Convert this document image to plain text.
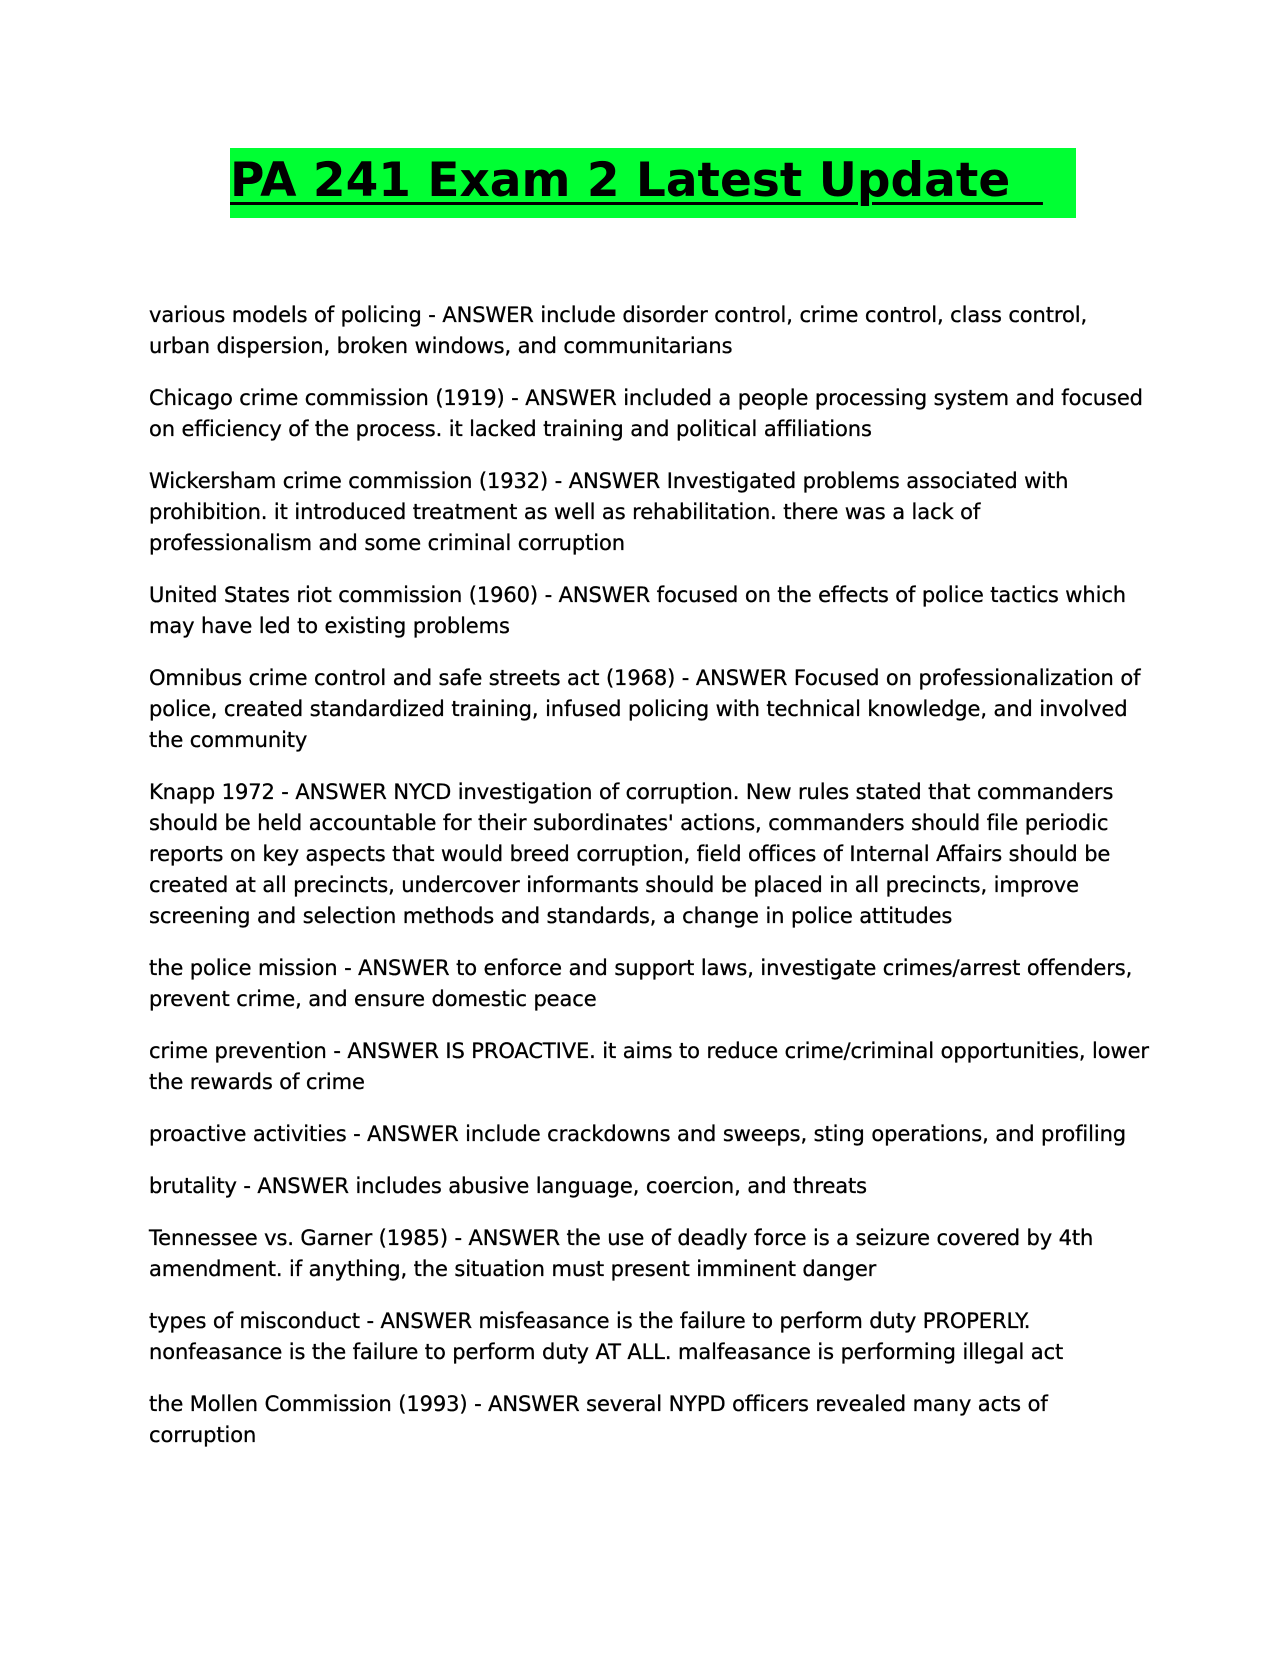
PA 241 Exam 2 Latest Update
various models of policing - ANSWER include disorder control, crime control, class control, urban dispersion, broken windows, and communitarians
Chicago crime commission (1919) - ANSWER included a people processing system and focused on efficiency of the process. it lacked training and political affiliations
Wickersham crime commission (1932) - ANSWER Investigated problems associated with prohibition. it introduced treatment as well as rehabilitation. there was a lack of professionalism and some criminal corruption
United States riot commission (1960) - ANSWER focused on the effects of police tactics which may have led to existing problems
Omnibus crime control and safe streets act (1968) - ANSWER Focused on professionalization of police, created standardized training, infused policing with technical knowledge, and involved the community
Knapp 1972 - ANSWER NYCD investigation of corruption. New rules stated that commanders should be held accountable for their subordinates' actions, commanders should file periodic reports on key aspects that would breed corruption, field offices of Internal Affairs should be created at all precincts, undercover informants should be placed in all precincts, improve screening and selection methods and standards, a change in police attitudes
the police mission - ANSWER to enforce and support laws, investigate crimes/arrest offenders, prevent crime, and ensure domestic peace
crime prevention - ANSWER IS PROACTIVE. it aims to reduce crime/criminal opportunities, lower the rewards of crime
proactive activities - ANSWER include crackdowns and sweeps, sting operations, and profiling
brutality - ANSWER includes abusive language, coercion, and threats
Tennessee vs. Garner (1985) - ANSWER the use of deadly force is a seizure covered by 4th amendment. if anything, the situation must present imminent danger
types of misconduct - ANSWER misfeasance is the failure to perform duty PROPERLY. nonfeasance is the failure to perform duty AT ALL. malfeasance is performing illegal act
the Mollen Commission (1993) - ANSWER several NYPD officers revealed many acts of corruption
